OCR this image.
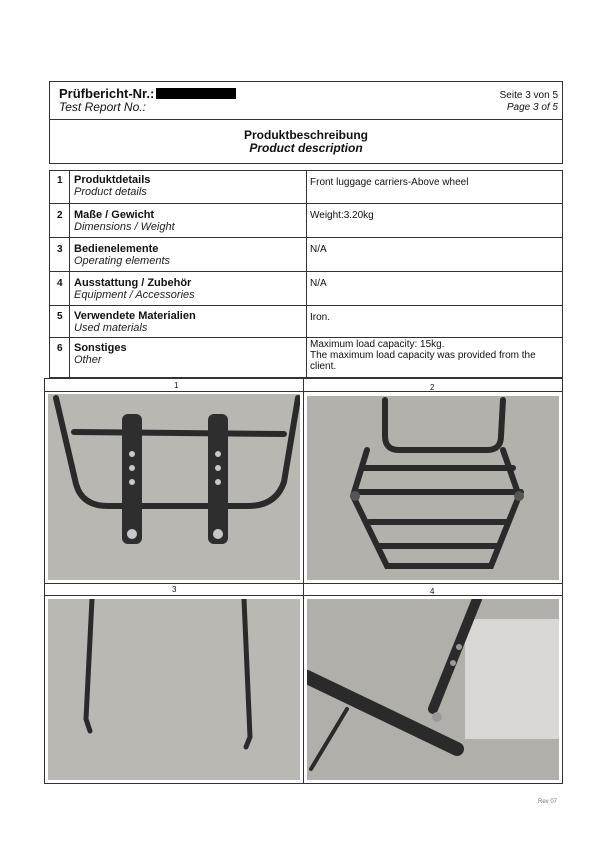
Prüfbericht-Nr.:
Test Report No.:
Seite 3 von 5
Page 3 of 5
Produktbeschreibung
Product description
1 Produktdetails
Product details
Front luggage carriers-Above wheel
2 Maße / Gewicht
Dimensions / Weight
Weight:3.20kg
3 Bedienelemente
Operating elements
N/A
4 Ausstattung / Zubehör
Equipment / Accessories
N/A
5 Verwendete Materialien
Used materials
Iron.
6 Sonstiges
Other
Maximum load capacity: 15kg.
The maximum load capacity was provided from the
client.
1	2
3	4
Rev 07
